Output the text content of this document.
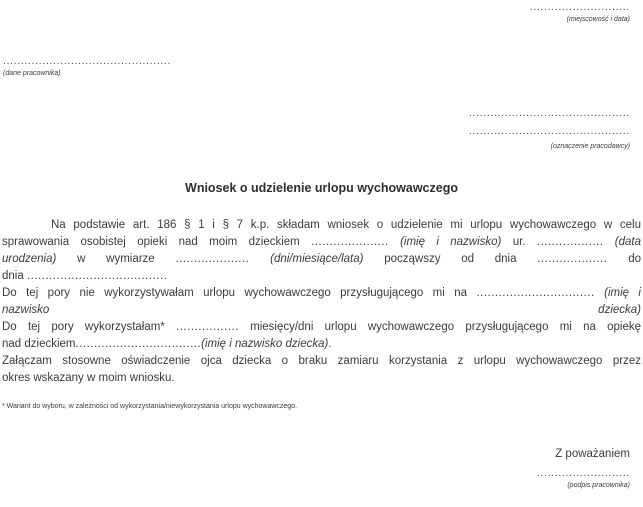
............................
(miejscowość i data)
...............................................
(dane pracownika)
.............................................
.............................................
(oznaczenie pracodawcy)
Wniosek o udzielenie urlopu wychowawczego
Na podstawie art. 186 § 1 i § 7 k.p. składam wniosek o udzielenie mi urlopu wychowawczego w celu
sprawowania osobistej opieki nad moim dzieckiem ..................... (imię i nazwisko) ur. .................. (data
urodzenia) w wymiarze .................... (dni/miesiące/lata) począwszy od dnia ................... do
dnia ......................................
Do tej pory nie wykorzystywałam urlopu wychowawczego przysługującego mi na ................................ (imię i
nazwisko	dziecka)
Do tej pory wykorzystałam* ................. miesięcy/dni urlopu wychowawczego przysługującego mi na opiekę
nad dzieckiem..................................(imię i nazwisko dziecka).
Załączam stosowne oświadczenie ojca dziecka o braku zamiaru korzystania z urlopu wychowawczego przez
okres wskazany w moim wniosku.
* Wariant do wyboru, w zależności od wykorzystania/niewykorzystania urlopu wychowawczego.
Z poważaniem
..........................
(podpis pracownika)
